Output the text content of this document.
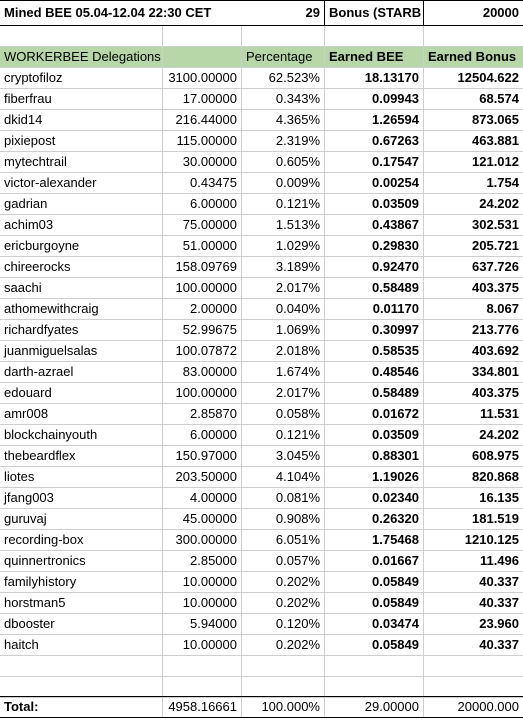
Mined BEE 05.04-12.04 22:30 CET	29 Bonus (STARB	20000
WORKERBEE Delegations	Percentage	Earned BEE	Earned Bonus
cryptofiloz	3100.00000	62.523%	18.13170	12504.622
fiberfrau	17.00000	0.343%	0.09943	68.574
dkid14	216.44000	4.365%	1.26594	873.065
pixiepost	115.00000	2.319%	0.67263	463.881
mytechtrail	30.00000	0.605%	0.17547	121.012
victor-alexander	0.43475	0.009%	0.00254	1.754
gadrian	6.00000	0.121%	0.03509	24.202
achim03	75.00000	1.513%	0.43867	302.531
ericburgoyne	51.00000	1.029%	0.29830	205.721
chireerocks	158.09769	3.189%	0.92470	637.726
saachi	100.00000	2.017%	0.58489	403.375
athomewithcraig	2.00000	0.040%	0.01170	8.067
richardfyates	52.99675	1.069%	0.30997	213.776
juanmiguelsalas	100.07872	2.018%	0.58535	403.692
darth-azrael	83.00000	1.674%	0.48546	334.801
edouard	100.00000	2.017%	0.58489	403.375
amr008	2.85870	0.058%	0.01672	11.531
blockchainyouth	6.00000	0.121%	0.03509	24.202
thebeardflex	150.97000	3.045%	0.88301	608.975
liotes	203.50000	4.104%	1.19026	820.868
jfang003	4.00000	0.081%	0.02340	16.135
guruvaj	45.00000	0.908%	0.26320	181.519
recording-box	300.00000	6.051%	1.75468	1210.125
quinnertronics	2.85000	0.057%	0.01667	11.496
familyhistory	10.00000	0.202%	0.05849	40.337
horstman5	10.00000	0.202%	0.05849	40.337
dbooster	5.94000	0.120%	0.03474	23.960
haitch	10.00000	0.202%	0.05849	40.337
Total:	4958.16661	100.000%	29.00000	20000.000
